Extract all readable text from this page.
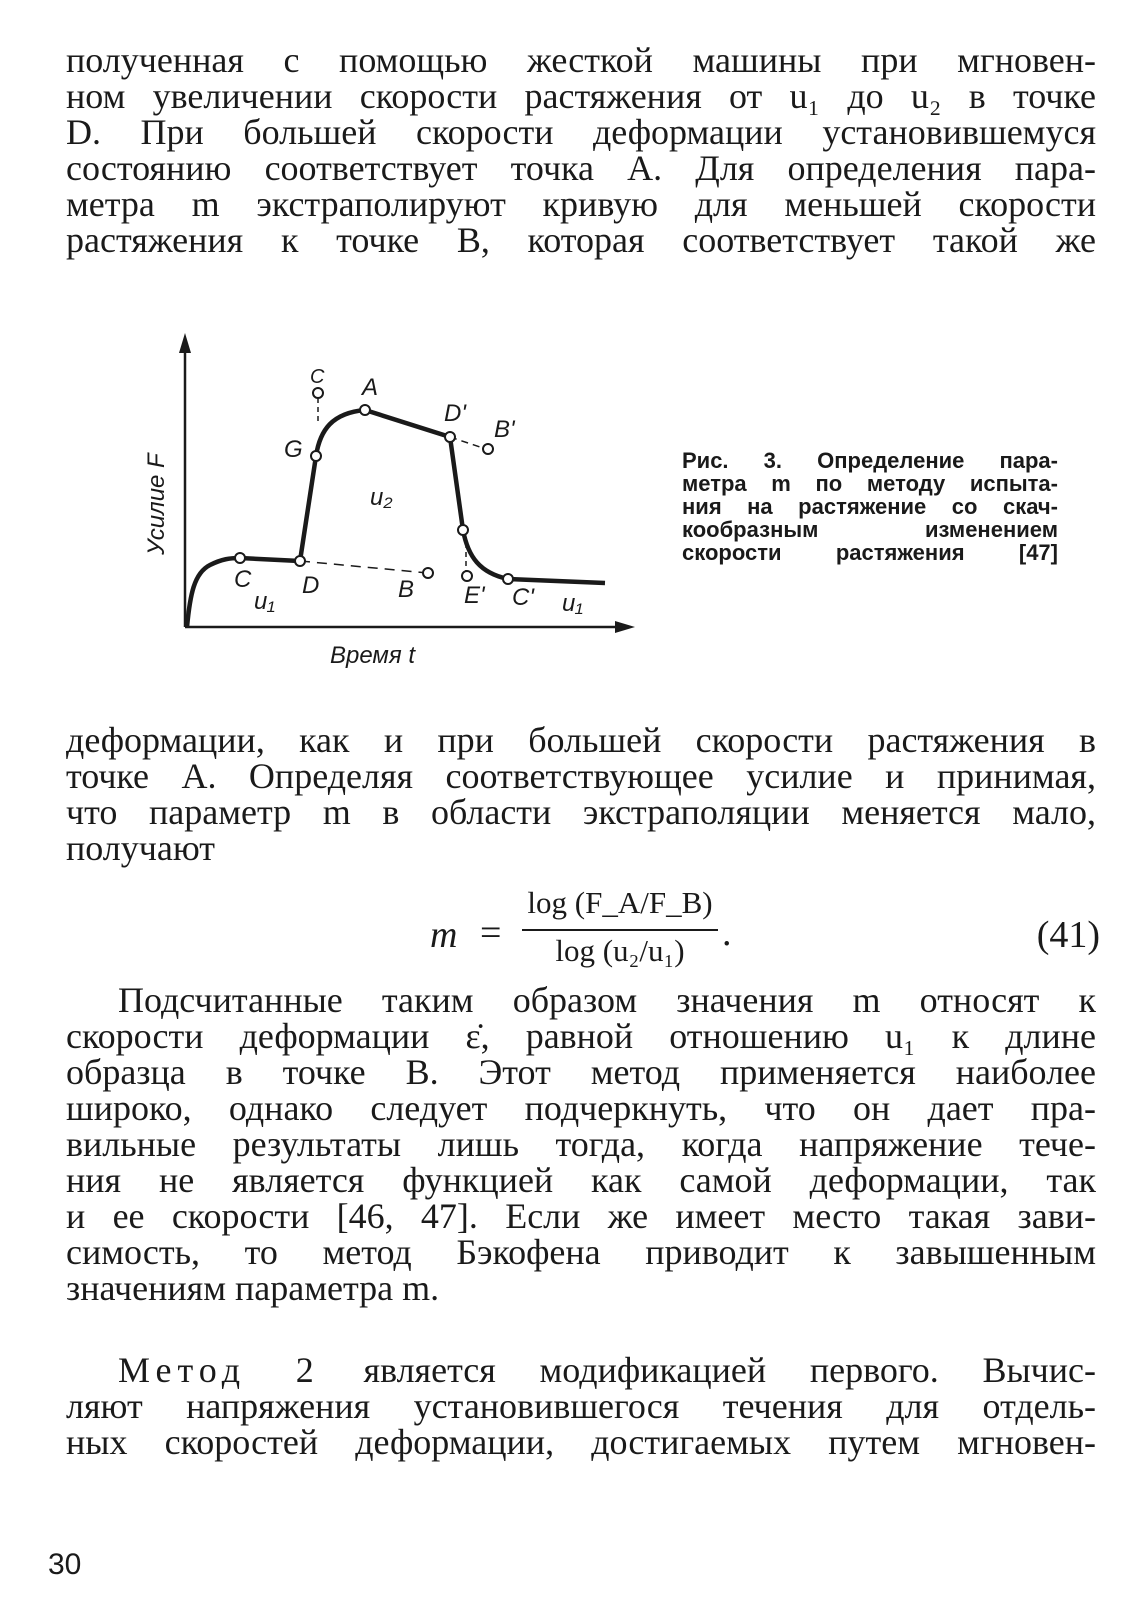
полученная с помощью жесткой машины при мгновен-
ном увеличении скорости растяжения от u₁ до u₂ в точке
D. При большей скорости деформации установившемуся
состоянию соответствует точка A. Для определения пара-
метра m экстраполируют кривую для меньшей скорости
растяжения к точке B, которая соответствует такой же
C A
G
D'
B'
u₂
C
u₁
D	B E' C' u₁
Усилие F
Время t
Рис. 3. Определение пара-
метра m по методу испыта-
ния на растяжение со скач-
кообразным изменением
скорости растяжения [47]
деформации, как и при большей скорости растяжения в
точке A. Определяя соответствующее усилие и принимая,
что параметр m в области экстраполяции меняется мало,
получают
m =
log (F_A/F_B)
log (u₂/u₁) .	(41)
Подсчитанные таким образом значения m относят к
скорости деформации ε̇, равной отношению u₁ к длине
образца в точке B. Этот метод применяется наиболее
широко, однако следует подчеркнуть, что он дает пра-
вильные результаты лишь тогда, когда напряжение тече-
ния не является функцией как самой деформации, так
и ее скорости [46, 47]. Если же имеет место такая зави-
симость, то метод Бэкофена приводит к завышенным
значениям параметра m.
Метод 2 является модификацией первого. Вычис-
ляют напряжения установившегося течения для отдель-
ных скоростей деформации, достигаемых путем мгновен-
30
